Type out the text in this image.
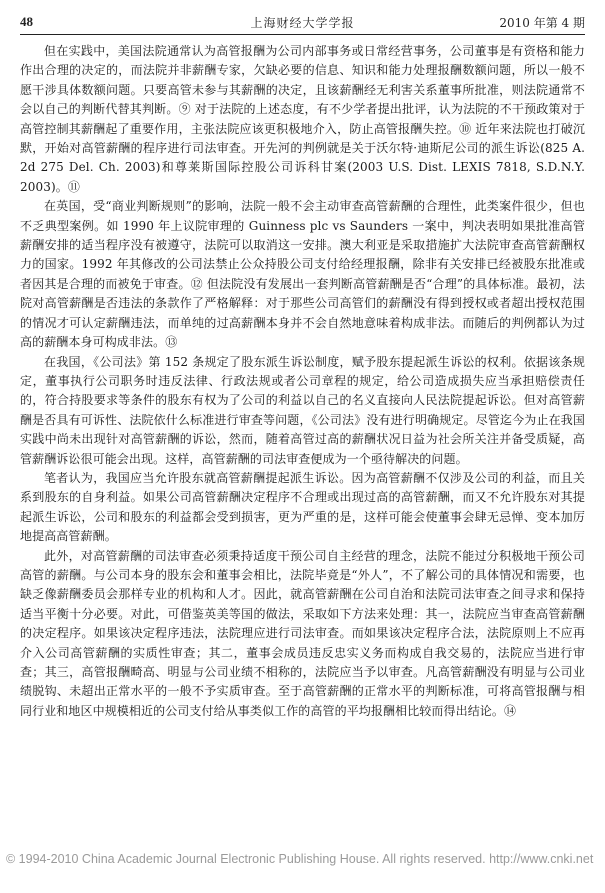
48	上海财经大学学报	2010 年第 4 期

但在实践中，美国法院通常认为高管报酬为公司内部事务或日常经营事务，公司董事是有资格和能力作出合理的决定的，而法院并非薪酬专家，欠缺必要的信息、知识和能力处理报酬数额问题，所以一般不愿干涉具体数额问题。只要高管未参与其薪酬的决定，且该薪酬经无利害关系董事所批准，则法院通常不会以自己的判断代替其判断。⑨ 对于法院的上述态度，有不少学者提出批评，认为法院的不干预政策对于高管控制其薪酬起了重要作用，主张法院应该更积极地介入，防止高管报酬失控。⑩ 近年来法院也打破沉默，开始对高管薪酬的程序进行司法审查。开先河的判例就是关于沃尔特·迪斯尼公司的派生诉讼(825 A. 2d 275 Del. Ch. 2003)和尊莱斯国际控股公司诉科甘案(2003 U.S. Dist. LEXIS 7818, S.D.N.Y. 2003)。⑪

在英国，受“商业判断规则”的影响，法院一般不会主动审查高管薪酬的合理性，此类案件很少，但也不乏典型案例。如 1990 年上议院审理的 Guinness plc vs Saunders 一案中，判决表明如果批准高管薪酬安排的适当程序没有被遵守，法院可以取消这一安排。澳大利亚是采取措施扩大法院审查高管薪酬权力的国家。1992 年其修改的公司法禁止公众持股公司支付给经理报酬，除非有关安排已经被股东批准或者因其是合理的而被免于审查。⑫ 但法院没有发展出一套判断高管薪酬是否“合理”的具体标准。最初，法院对高管薪酬是否违法的条款作了严格解释：对于那些公司高管们的薪酬没有得到授权或者超出授权范围的情况才可认定薪酬违法，而单纯的过高薪酬本身并不会自然地意味着构成非法。而随后的判例都认为过高的薪酬本身可构成非法。⑬

在我国，《公司法》第 152 条规定了股东派生诉讼制度，赋予股东提起派生诉讼的权利。依据该条规定，董事执行公司职务时违反法律、行政法规或者公司章程的规定，给公司造成损失应当承担赔偿责任的，符合持股要求等条件的股东有权为了公司的利益以自己的名义直接向人民法院提起诉讼。但对高管薪酬是否具有可诉性、法院依什么标准进行审查等问题，《公司法》没有进行明确规定。尽管迄今为止在我国实践中尚未出现针对高管薪酬的诉讼，然而，随着高管过高的薪酬状况日益为社会所关注并备受质疑，高管薪酬诉讼很可能会出现。这样，高管薪酬的司法审查便成为一个亟待解决的问题。

笔者认为，我国应当允许股东就高管薪酬提起派生诉讼。因为高管薪酬不仅涉及公司的利益，而且关系到股东的自身利益。如果公司高管薪酬决定程序不合理或出现过高的高管薪酬，而又不允许股东对其提起派生诉讼，公司和股东的利益都会受到损害，更为严重的是，这样可能会使董事会肆无忌惮、变本加厉地提高高管薪酬。

此外，对高管薪酬的司法审查必须秉持适度干预公司自主经营的理念，法院不能过分积极地干预公司高管的薪酬。与公司本身的股东会和董事会相比，法院毕竟是“外人”，不了解公司的具体情况和需要，也缺乏像薪酬委员会那样专业的机构和人才。因此，就高管薪酬在公司自治和法院司法审查之间寻求和保持适当平衡十分必要。对此，可借鉴英美等国的做法，采取如下方法来处理：其一，法院应当审查高管薪酬的决定程序。如果该决定程序违法，法院理应进行司法审查。而如果该决定程序合法，法院原则上不应再介入公司高管薪酬的实质性审查；其二，董事会成员违反忠实义务而构成自我交易的，法院应当进行审查；其三，高管报酬畸高、明显与公司业绩不相称的，法院应当予以审查。凡高管薪酬没有明显与公司业绩脱钩、未超出正常水平的一般不予实质审查。至于高管薪酬的正常水平的判断标准，可将高管报酬与相同行业和地区中规模相近的公司支付给从事类似工作的高管的平均报酬相比较而得出结论。⑭

© 1994-2010 China Academic Journal Electronic Publishing House. All rights reserved. http://www.cnki.net
